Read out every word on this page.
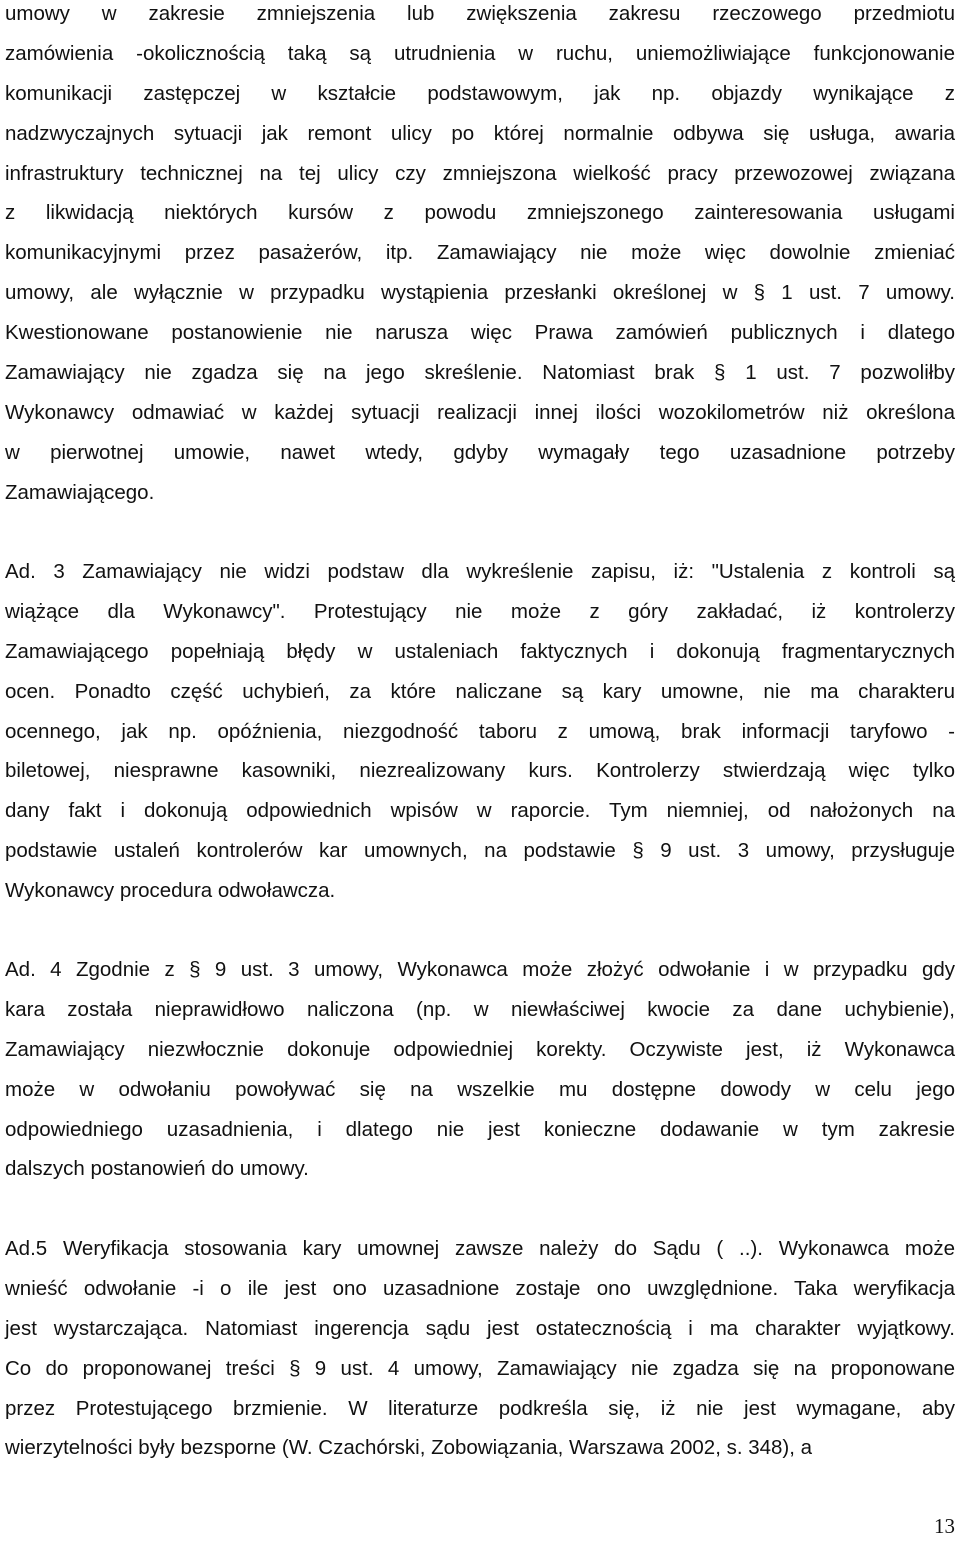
umowy w zakresie zmniejszenia lub zwiększenia zakresu rzeczowego przedmiotu
zamówienia -okolicznością taką są utrudnienia w ruchu, uniemożliwiające funkcjonowanie
komunikacji zastępczej w kształcie podstawowym, jak np. objazdy wynikające z
nadzwyczajnych sytuacji jak remont ulicy po której normalnie odbywa się usługa, awaria
infrastruktury technicznej na tej ulicy czy zmniejszona wielkość pracy przewozowej związana
z likwidacją niektórych kursów z powodu zmniejszonego zainteresowania usługami
komunikacyjnymi przez pasażerów, itp. Zamawiający nie może więc dowolnie zmieniać
umowy, ale wyłącznie w przypadku wystąpienia przesłanki określonej w § 1 ust. 7 umowy.
Kwestionowane postanowienie nie narusza więc Prawa zamówień publicznych i dlatego
Zamawiający nie zgadza się na jego skreślenie. Natomiast brak § 1 ust. 7 pozwoliłby
Wykonawcy odmawiać w każdej sytuacji realizacji innej ilości wozokilometrów niż określona
w pierwotnej umowie, nawet wtedy, gdyby wymagały tego uzasadnione potrzeby
Zamawiającego.
Ad. 3 Zamawiający nie widzi podstaw dla wykreślenie zapisu, iż: "Ustalenia z kontroli są
wiążące dla Wykonawcy". Protestujący nie może z góry zakładać, iż kontrolerzy
Zamawiającego popełniają błędy w ustaleniach faktycznych i dokonują fragmentarycznych
ocen. Ponadto część uchybień, za które naliczane są kary umowne, nie ma charakteru
ocennego, jak np. opóźnienia, niezgodność taboru z umową, brak informacji taryfowo -
biletowej, niesprawne kasowniki, niezrealizowany kurs. Kontrolerzy stwierdzają więc tylko
dany fakt i dokonują odpowiednich wpisów w raporcie. Tym niemniej, od nałożonych na
podstawie ustaleń kontrolerów kar umownych, na podstawie § 9 ust. 3 umowy, przysługuje
Wykonawcy procedura odwoławcza.
Ad. 4 Zgodnie z § 9 ust. 3 umowy, Wykonawca może złożyć odwołanie i w przypadku gdy
kara została nieprawidłowo naliczona (np. w niewłaściwej kwocie za dane uchybienie),
Zamawiający niezwłocznie dokonuje odpowiedniej korekty. Oczywiste jest, iż Wykonawca
może w odwołaniu powoływać się na wszelkie mu dostępne dowody w celu jego
odpowiedniego uzasadnienia, i dlatego nie jest konieczne dodawanie w tym zakresie
dalszych postanowień do umowy.
Ad.5 Weryfikacja stosowania kary umownej zawsze należy do Sądu ( ..). Wykonawca może
wnieść odwołanie -i o ile jest ono uzasadnione zostaje ono uwzględnione. Taka weryfikacja
jest wystarczająca. Natomiast ingerencja sądu jest ostatecznością i ma charakter wyjątkowy.
Co do proponowanej treści § 9 ust. 4 umowy, Zamawiający nie zgadza się na proponowane
przez Protestującego brzmienie. W literaturze podkreśla się, iż nie jest wymagane, aby
wierzytelności były bezsporne (W. Czachórski, Zobowiązania, Warszawa 2002, s. 348), a
13
